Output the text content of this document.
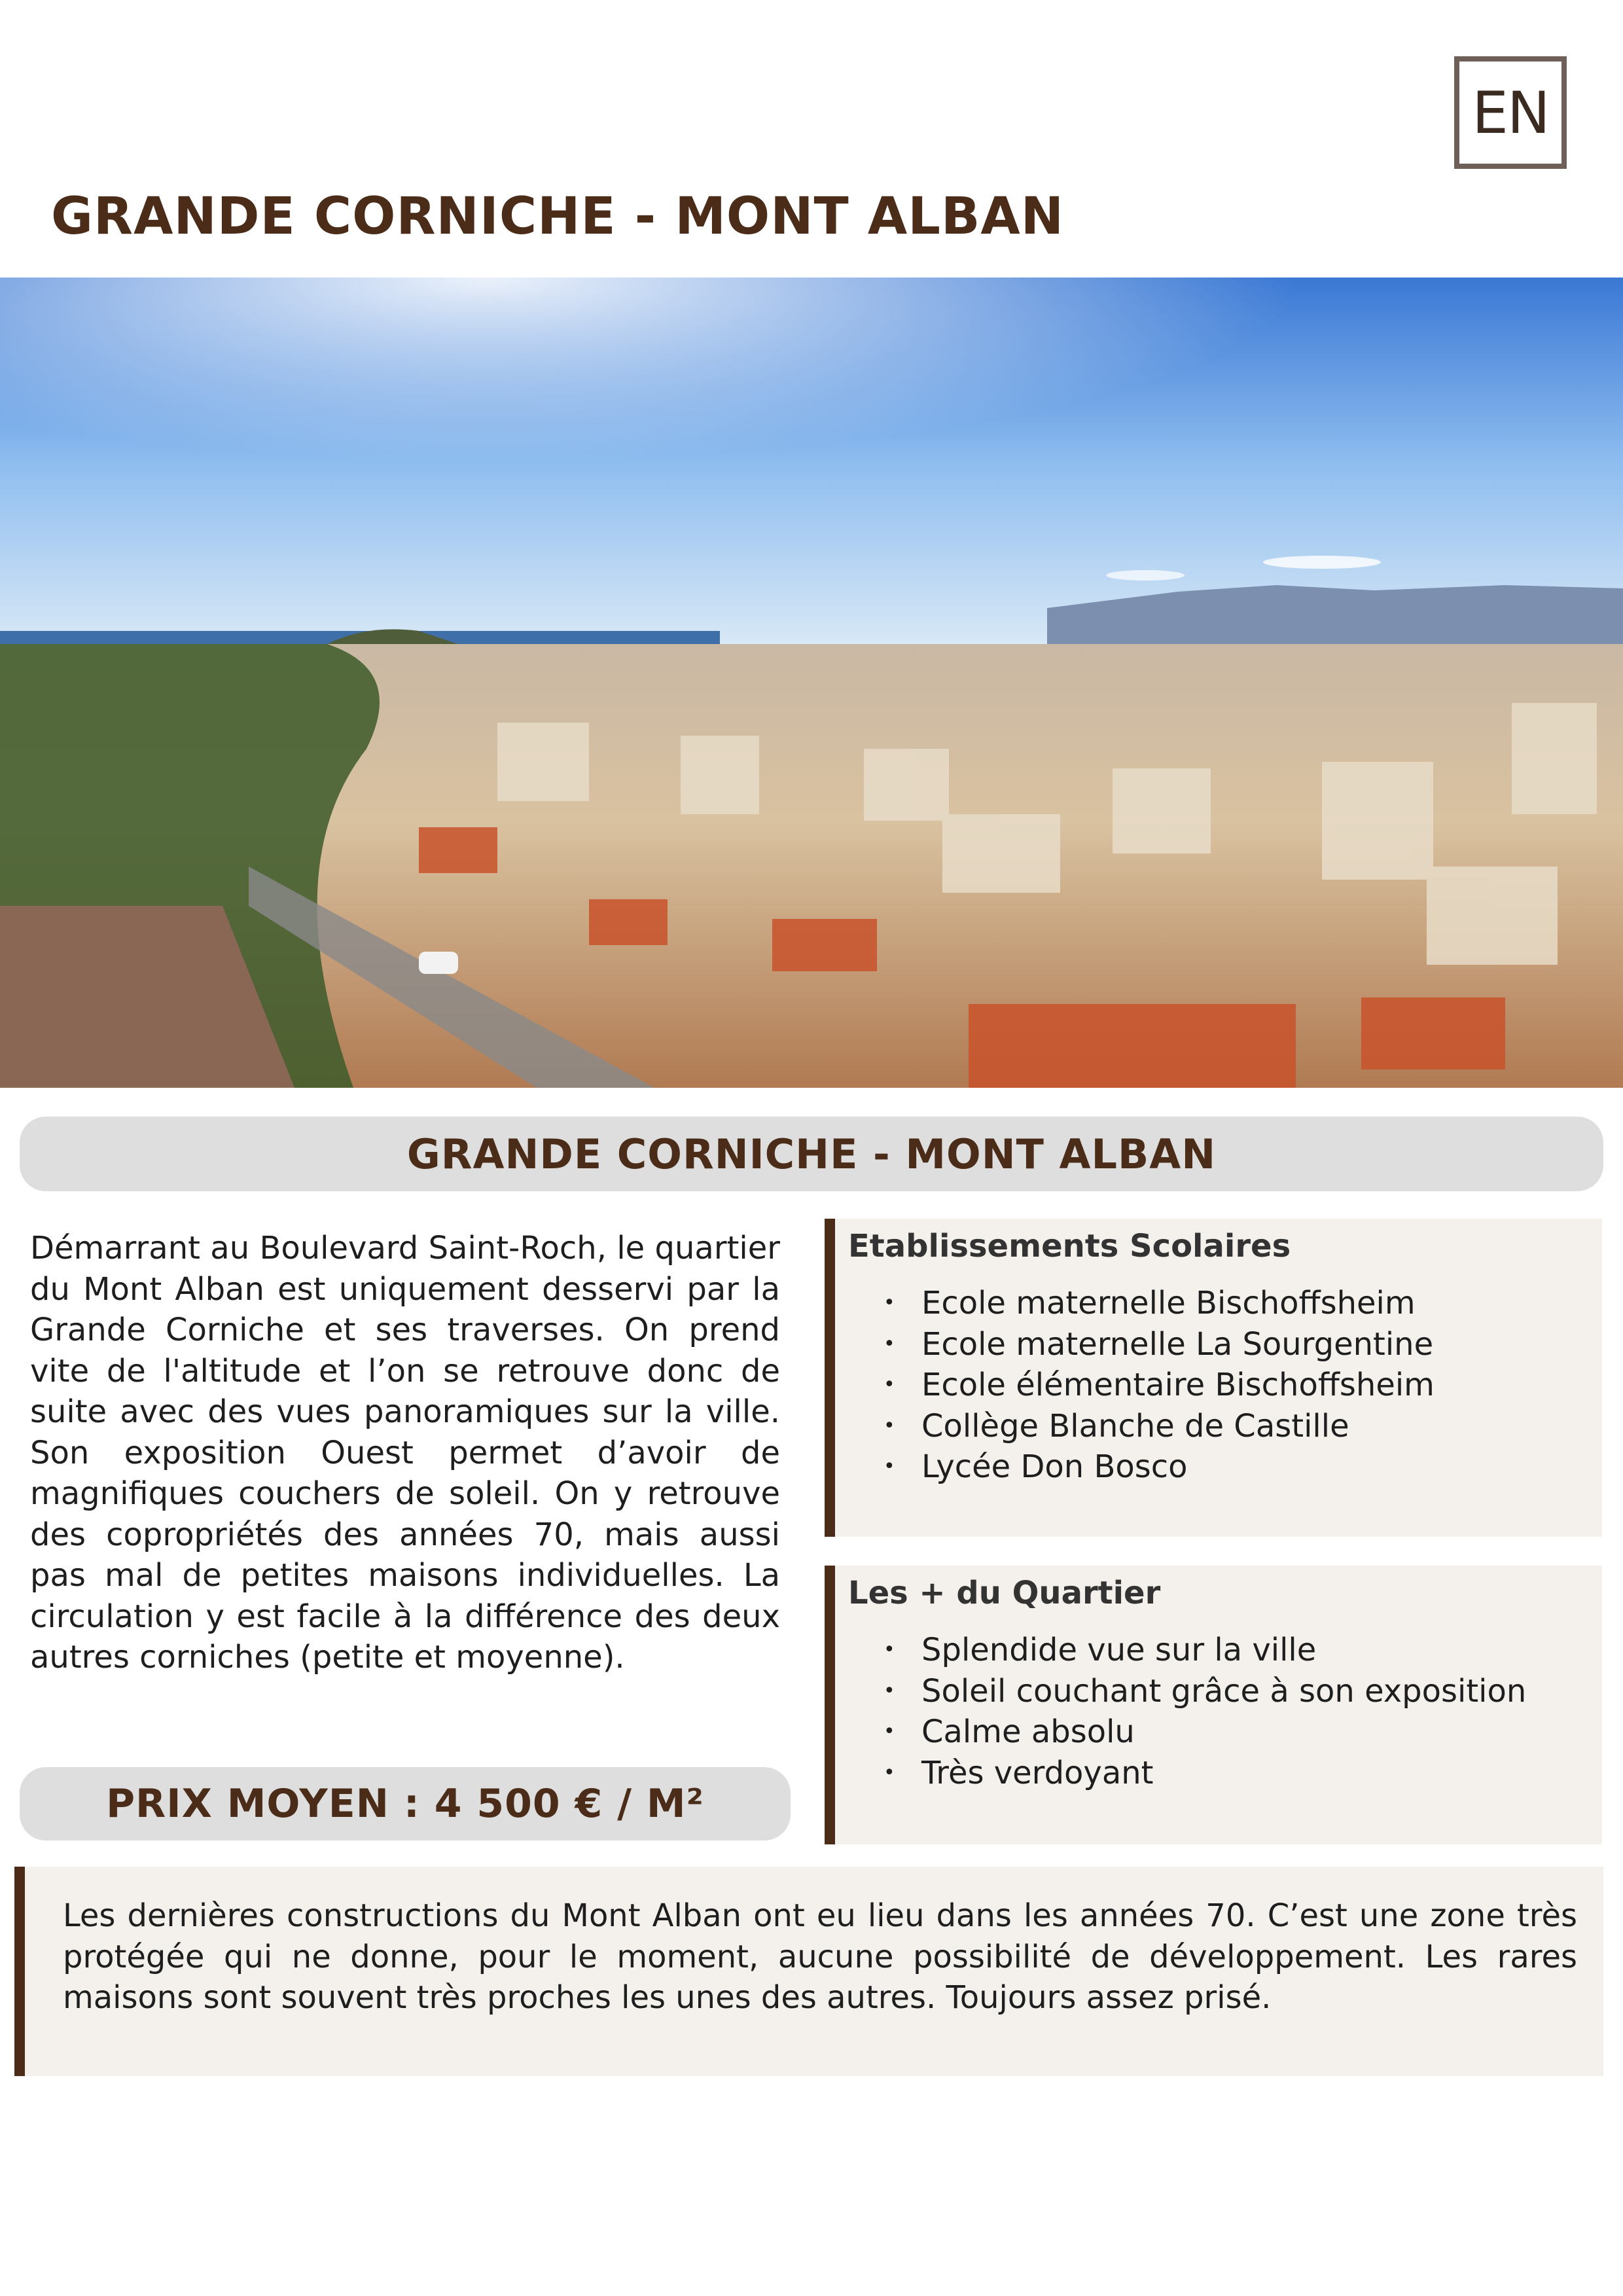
EN
GRANDE CORNICHE - MONT ALBAN
GRANDE CORNICHE - MONT ALBAN

Démarrant au Boulevard Saint-Roch, le quartier du Mont Alban est uniquement desservi par la Grande Corniche et ses traverses. On prend vite de l'altitude et l’on se retrouve donc de suite avec des vues panoramiques sur la ville. Son exposition Ouest permet d’avoir de magnifiques couchers de soleil. On y retrouve des copropriétés des années 70, mais aussi pas mal de petites maisons individuelles. La circulation y est facile à la différence des deux autres corniches (petite et moyenne).

PRIX MOYEN : 4 500 € / M²
Etablissements Scolaires
• Ecole maternelle Bischoffsheim
• Ecole maternelle La Sourgentine
• Ecole élémentaire Bischoffsheim
• Collège Blanche de Castille
• Lycée Don Bosco
Les + du Quartier
• Splendide vue sur la ville
• Soleil couchant grâce à son exposition
• Calme absolu
• Très verdoyant

Les dernières constructions du Mont Alban ont eu lieu dans les années 70. C’est une zone très protégée qui ne donne, pour le moment, aucune possibilité de développement. Les rares maisons sont souvent très proches les unes des autres. Toujours assez prisé.
